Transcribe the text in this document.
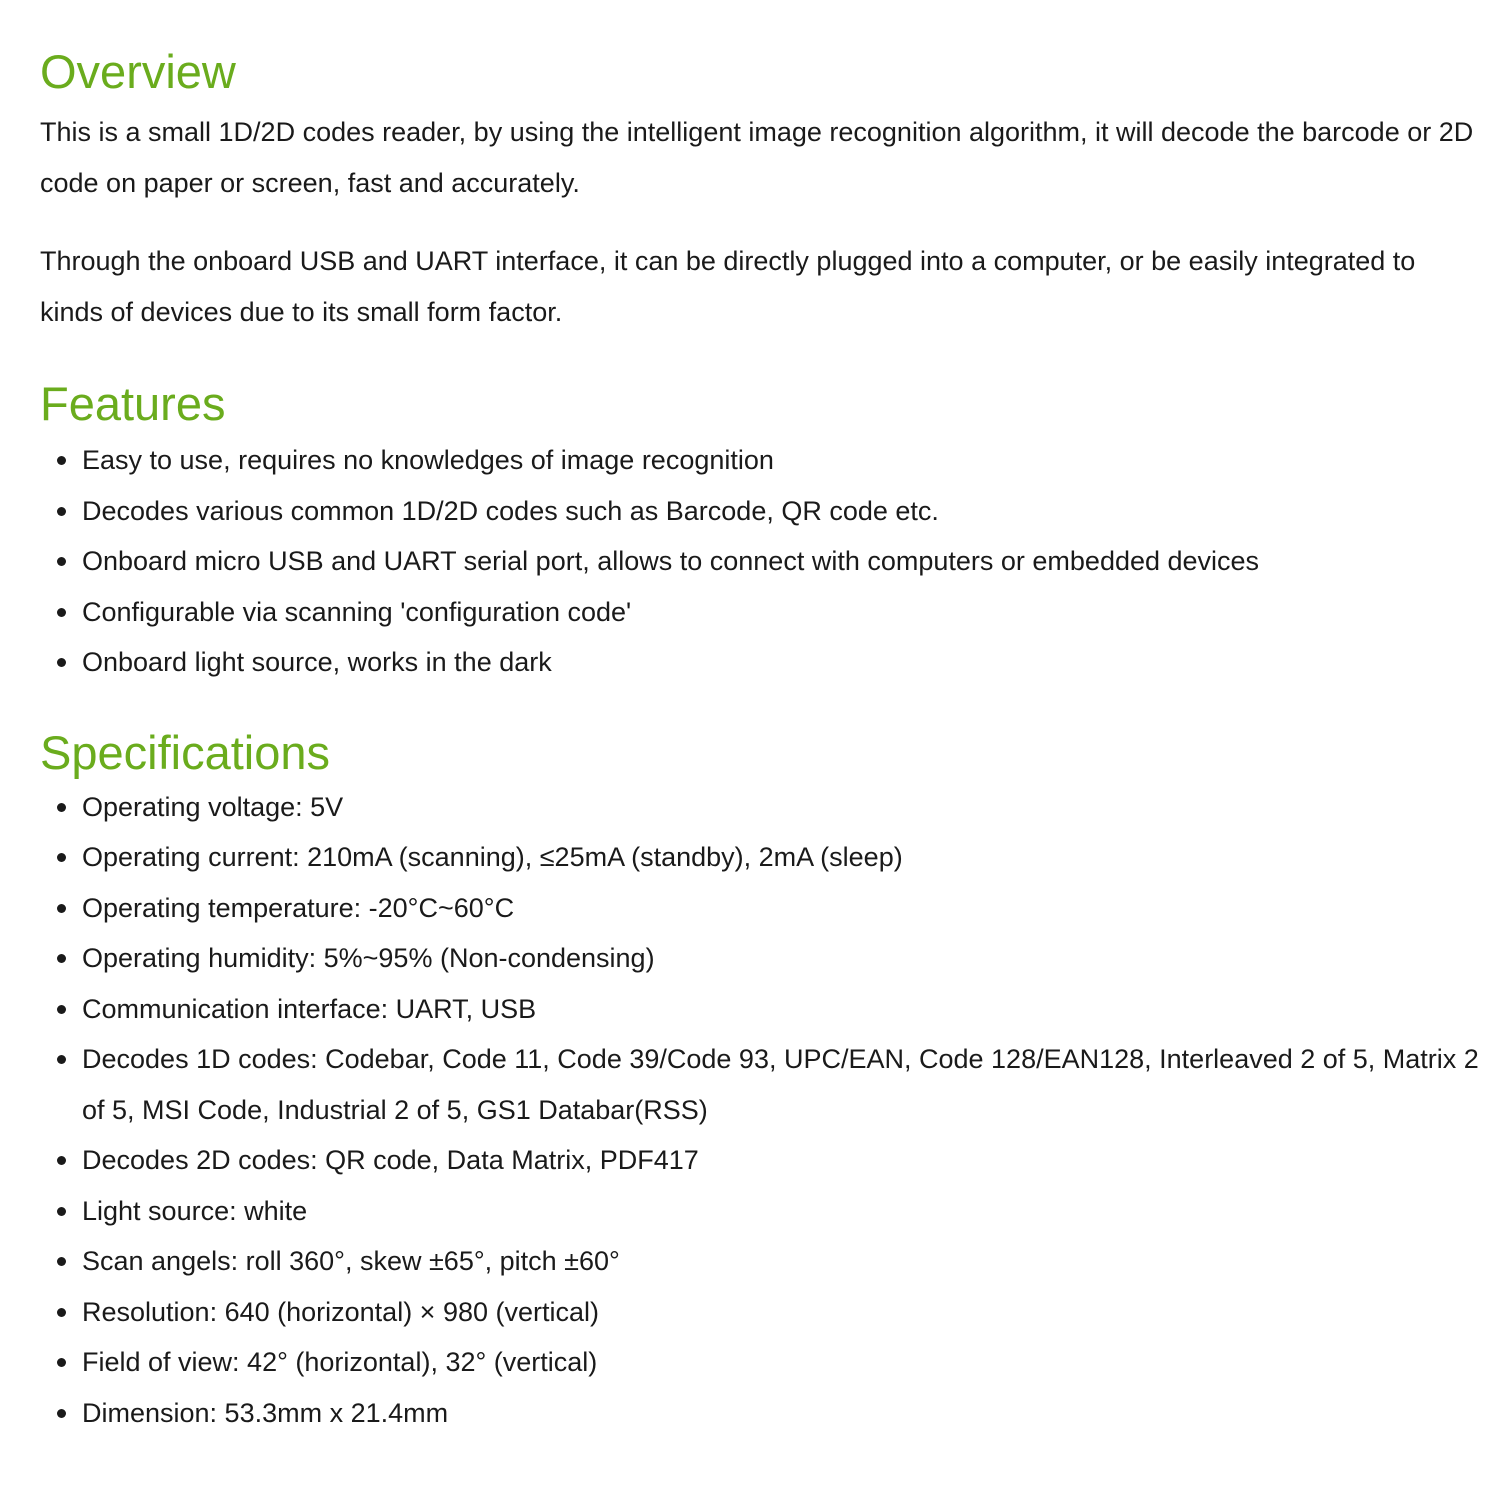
Overview

This is a small 1D/2D codes reader, by using the intelligent image recognition algorithm, it will decode the barcode or 2D code on paper or screen, fast and accurately.

Through the onboard USB and UART interface, it can be directly plugged into a computer, or be easily integrated to kinds of devices due to its small form factor.

Features
Easy to use, requires no knowledges of image recognition
Decodes various common 1D/2D codes such as Barcode, QR code etc.
Onboard micro USB and UART serial port, allows to connect with computers or embedded devices
Configurable via scanning 'configuration code'
Onboard light source, works in the dark
Specifications
Operating voltage: 5V
Operating current: 210mA (scanning), ≤25mA (standby), 2mA (sleep)
Operating temperature: -20°C~60°C
Operating humidity: 5%~95% (Non-condensing)
Communication interface: UART, USB
Decodes 1D codes: Codebar, Code 11, Code 39/Code 93, UPC/EAN, Code 128/EAN128, Interleaved 2 of 5, Matrix 2 of 5, MSI Code, Industrial 2 of 5, GS1 Databar(RSS)
Decodes 2D codes: QR code, Data Matrix, PDF417
Light source: white
Scan angels: roll 360°, skew ±65°, pitch ±60°
Resolution: 640 (horizontal) × 980 (vertical)
Field of view: 42° (horizontal), 32° (vertical)
Dimension: 53.3mm x 21.4mm
